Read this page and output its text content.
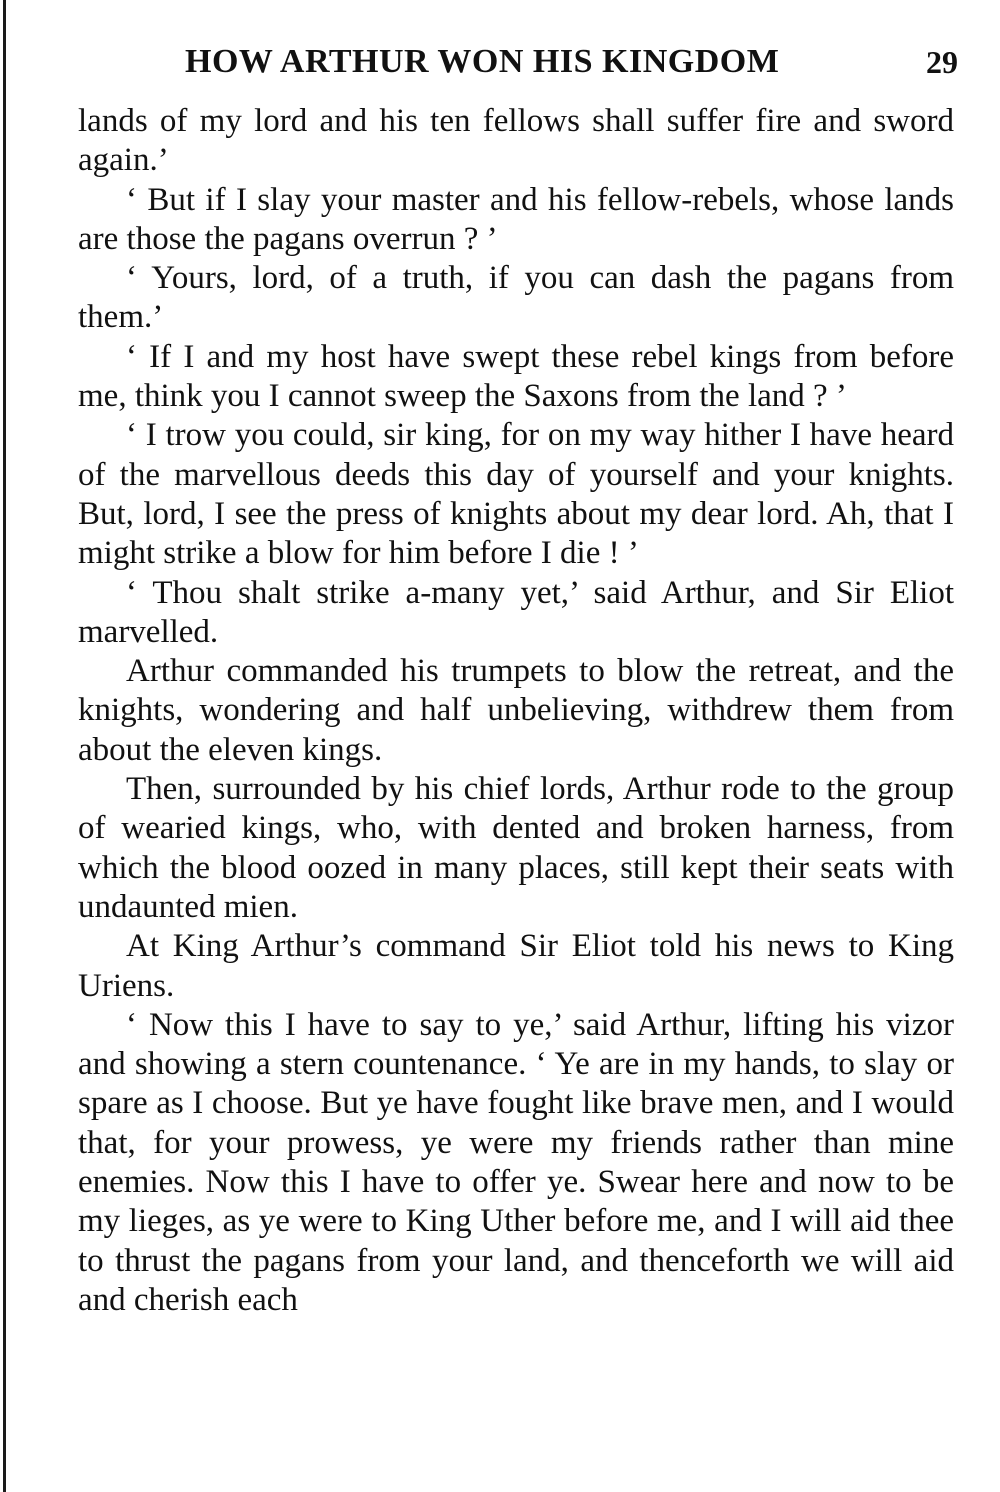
HOW ARTHUR WON HIS KINGDOM	29

lands of my lord and his ten fellows shall suffer fire and sword again.’

‘ But if I slay your master and his fellow-rebels, whose lands are those the pagans overrun ? ’

‘ Yours, lord, of a truth, if you can dash the pagans from them.’

‘ If I and my host have swept these rebel kings from before me, think you I cannot sweep the Saxons from the land ? ’

‘ I trow you could, sir king, for on my way hither I have heard of the marvellous deeds this day of yourself and your knights. But, lord, I see the press of knights about my dear lord. Ah, that I might strike a blow for him before I die ! ’

‘ Thou shalt strike a-many yet,’ said Arthur, and Sir Eliot marvelled.

Arthur commanded his trumpets to blow the retreat, and the knights, wondering and half unbelieving, withdrew them from about the eleven kings.

Then, surrounded by his chief lords, Arthur rode to the group of wearied kings, who, with dented and broken harness, from which the blood oozed in many places, still kept their seats with undaunted mien.

At King Arthur’s command Sir Eliot told his news to King Uriens.

‘ Now this I have to say to ye,’ said Arthur, lifting his vizor and showing a stern countenance. ‘ Ye are in my hands, to slay or spare as I choose. But ye have fought like brave men, and I would that, for your prowess, ye were my friends rather than mine enemies. Now this I have to offer ye. Swear here and now to be my lieges, as ye were to King Uther before me, and I will aid thee to thrust the pagans from your land, and thenceforth we will aid and cherish each
